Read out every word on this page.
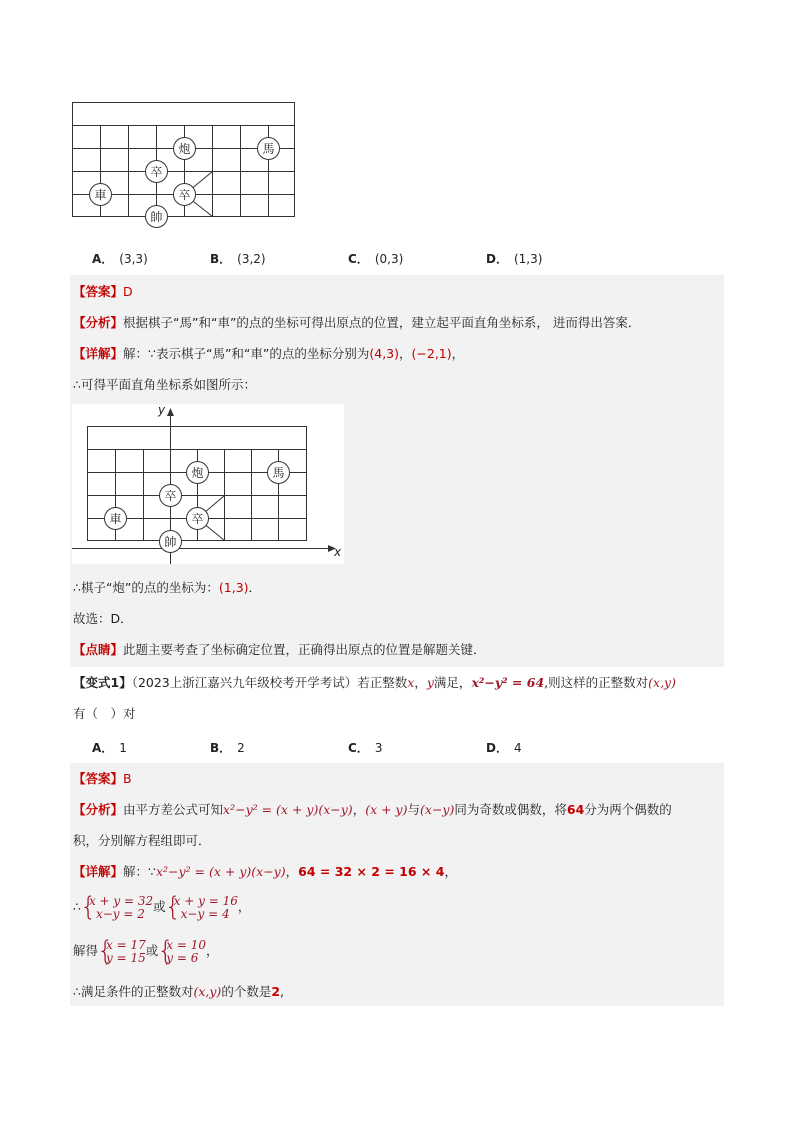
炮	馬
卒
車	卒
帥
A． (3,3)	B． (3,2)	C． (0,3)	D． (1,3)
【答案】D
【分析】根据棋子“馬”和“車”的点的坐标可得出原点的位置，建立起平面直角坐标系， 进而得出答案．
【详解】解：∵表示棋子“馬”和“車”的点的坐标分别为(4,3)，(−2,1)，
∴可得平面直角坐标系如图所示：
x
y
炮	馬
卒
車	卒
帥
∴棋子“炮”的点的坐标为：(1,3)．
故选：D．
【点睛】此题主要考查了坐标确定位置，正确得出原点的位置是解题关键．
【变式1】（2023上浙江嘉兴九年级校考开学考试）若正整数x，y满足，x²−y² = 64,则这样的正整数对(x,y)
有（　）对
A． 1	B． 2	C． 3	D． 4
【答案】B
【分析】由平方差公式可知x²−y² = (x + y)(x−y)，(x + y)与(x−y)同为奇数或偶数，将64分为两个偶数的
积，分别解方程组即可．
【详解】解：∵x²−y² = (x + y)(x−y)，64 = 32 × 2 = 16 × 4，
∴ { x + y = 32
x−y = 2 或 { x + y = 16
x−y = 4 ，
解得 { x = 17
y = 15 或 { x = 10
y = 6 ，
∴满足条件的正整数对(x,y)的个数是2,
